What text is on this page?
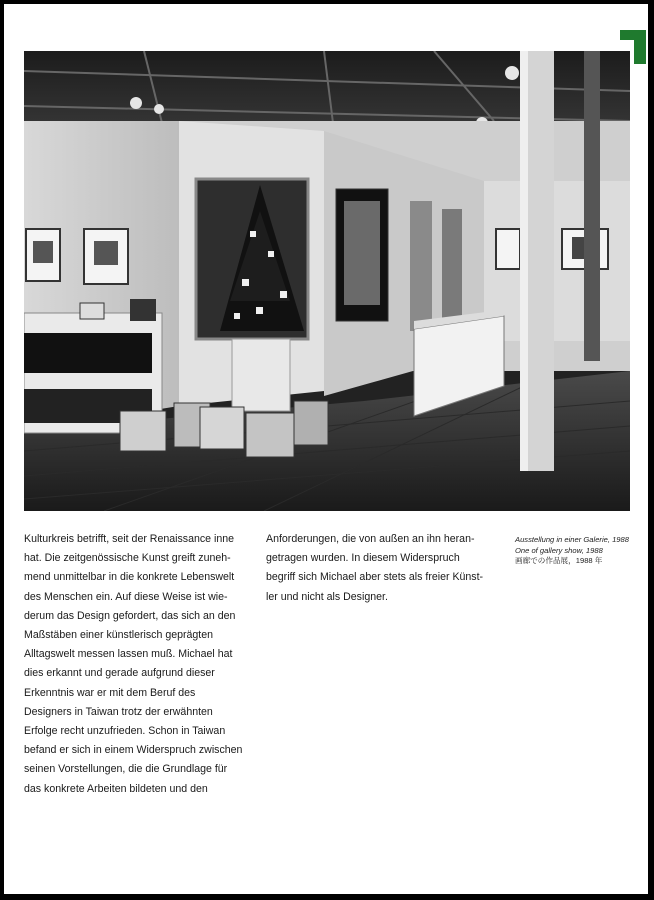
Kulturkreis betrifft, seit der Renaissance inne
hat. Die zeitgenössische Kunst greift zuneh-
mend unmittelbar in die konkrete Lebenswelt
des Menschen ein. Auf diese Weise ist wie-
derum das Design gefordert, das sich an den
Maßstäben einer künstlerisch geprägten
Alltagswelt messen lassen muß. Michael hat
dies erkannt und gerade aufgrund dieser
Erkenntnis war er mit dem Beruf des
Designers in Taiwan trotz der erwähnten
Erfolge recht unzufrieden. Schon in Taiwan
befand er sich in einem Widerspruch zwischen
seinen Vorstellungen, die die Grundlage für
das konkrete Arbeiten bildeten und den
Anforderungen, die von außen an ihn heran-
getragen wurden. In diesem Widerspruch
begriff sich Michael aber stets als freier Künst-
ler und nicht als Designer.
Ausstellung in einer Galerie, 1988
One of gallery show, 1988
画廊での作品展，1988 年
